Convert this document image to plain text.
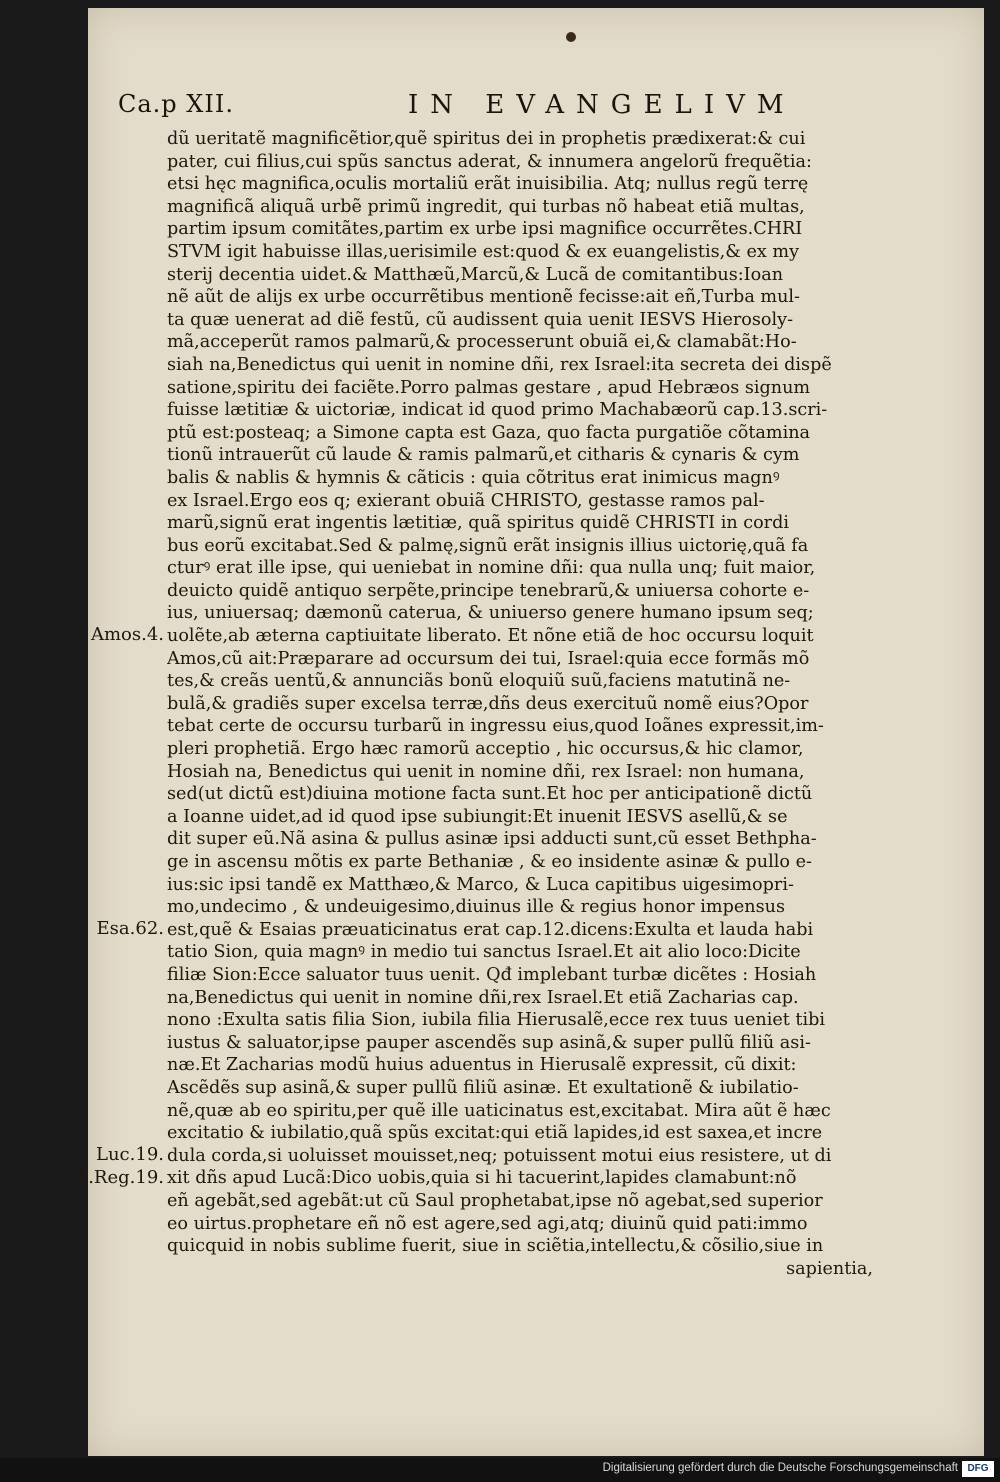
Ca.p XII.	IN EVANGELIVM
dũ ueritatẽ magnificẽtior,quẽ spiritus dei in prophetis prædixerat:& cui
pater, cui filius,cui spũs sanctus aderat, & innumera angelorũ frequẽtia:
etsi hęc magnifica,oculis mortaliũ erãt inuisibilia. Atq; nullus regũ terrę
magnificã aliquã urbẽ primũ ingredit, qui turbas nõ habeat etiã multas,
partim ipsum comitãtes,partim ex urbe ipsi magnifice occurrẽtes.CHRI
STVM igit habuisse illas,uerisimile est:quod & ex euangelistis,& ex my
sterij decentia uidet.& Matthæũ,Marcũ,& Lucã de comitantibus:Ioan
nẽ aũt de alijs ex urbe occurrẽtibus mentionẽ fecisse:ait eñ,Turba mul-
ta quæ uenerat ad diẽ festũ, cũ audissent quia uenit IESVS Hierosoly-
mã,acceperũt ramos palmarũ,& processerunt obuiã ei,& clamabãt:Ho-
siah na,Benedictus qui uenit in nomine dñi, rex Israel:ita secreta dei dispẽ
satione,spiritu dei faciẽte.Porro palmas gestare , apud Hebræos signum
fuisse lætitiæ & uictoriæ, indicat id quod primo Machabæorũ cap.13.scri-
ptũ est:posteaq; a Simone capta est Gaza, quo facta purgatiõe cõtamina
tionũ intrauerũt cũ laude & ramis palmarũ,et citharis & cynaris & cym
balis & nablis & hymnis & cãticis : quia cõtritus erat inimicus magnꝰ
ex Israel.Ergo eos q; exierant obuiã CHRISTO, gestasse ramos pal-
marũ,signũ erat ingentis lætitiæ, quã spiritus quidẽ CHRISTI in cordi
bus eorũ excitabat.Sed & palmę,signũ erãt insignis illius uictorię,quã fa
cturꝰ erat ille ipse, qui ueniebat in nomine dñi: qua nulla unq; fuit maior,
deuicto quidẽ antiquo serpẽte,principe tenebrarũ,& uniuersa cohorte e-
ius, uniuersaq; dæmonũ caterua, & uniuerso genere humano ipsum seq;
uolẽte,ab æterna captiuitate liberato. Et nõne etiã de hoc occursu loquit
Amos,cũ ait:Præparare ad occursum dei tui, Israel:quia ecce formãs mõ
tes,& creãs uentũ,& annunciãs bonũ eloquiũ suũ,faciens matutinã ne-
bulã,& gradiẽs super excelsa terræ,dñs deus exercituũ nomẽ eius?Opor
tebat certe de occursu turbarũ in ingressu eius,quod Ioãnes expressit,im-
pleri prophetiã. Ergo hæc ramorũ acceptio , hic occursus,& hic clamor,
Hosiah na, Benedictus qui uenit in nomine dñi, rex Israel: non humana,
sed(ut dictũ est)diuina motione facta sunt.Et hoc per anticipationẽ dictũ
a Ioanne uidet,ad id quod ipse subiungit:Et inuenit IESVS asellũ,& se
dit super eũ.Nã asina & pullus asinæ ipsi adducti sunt,cũ esset Bethpha-
ge in ascensu mõtis ex parte Bethaniæ , & eo insidente asinæ & pullo e-
ius:sic ipsi tandẽ ex Matthæo,& Marco, & Luca capitibus uigesimopri-
mo,undecimo , & undeuigesimo,diuinus ille & regius honor impensus
est,quẽ & Esaias præuaticinatus erat cap.12.dicens:Exulta et lauda habi
tatio Sion, quia magnꝰ in medio tui sanctus Israel.Et ait alio loco:Dicite
filiæ Sion:Ecce saluator tuus uenit. Qđ implebant turbæ dicẽtes : Hosiah
na,Benedictus qui uenit in nomine dñi,rex Israel.Et etiã Zacharias cap.
nono :Exulta satis filia Sion, iubila filia Hierusalẽ,ecce rex tuus ueniet tibi
iustus & saluator,ipse pauper ascendẽs sup asinã,& super pullũ filiũ asi-
næ.Et Zacharias modũ huius aduentus in Hierusalẽ expressit, cũ dixit:
Ascẽdẽs sup asinã,& super pullũ filiũ asinæ. Et exultationẽ & iubilatio-
nẽ,quæ ab eo spiritu,per quẽ ille uaticinatus est,excitabat. Mira aũt ẽ hæc
excitatio & iubilatio,quã spũs excitat:qui etiã lapides,id est saxea,et incre
dula corda,si uoluisset mouisset,neq; potuissent motui eius resistere, ut di
xit dñs apud Lucã:Dico uobis,quia si hi tacuerint,lapides clamabunt:nõ
eñ agebãt,sed agebãt:ut cũ Saul prophetabat,ipse nõ agebat,sed superior
eo uirtus.prophetare eñ nõ est agere,sed agi,atq; diuinũ quid pati:immo
quicquid in nobis sublime fuerit, siue in sciẽtia,intellectu,& cõsilio,siue in
sapientia,
Amos.4.
Esa.62.
Luc.19.
1.Reg.19.
Digitalisierung gefördert durch die Deutsche Forschungsgemeinschaft DFG
